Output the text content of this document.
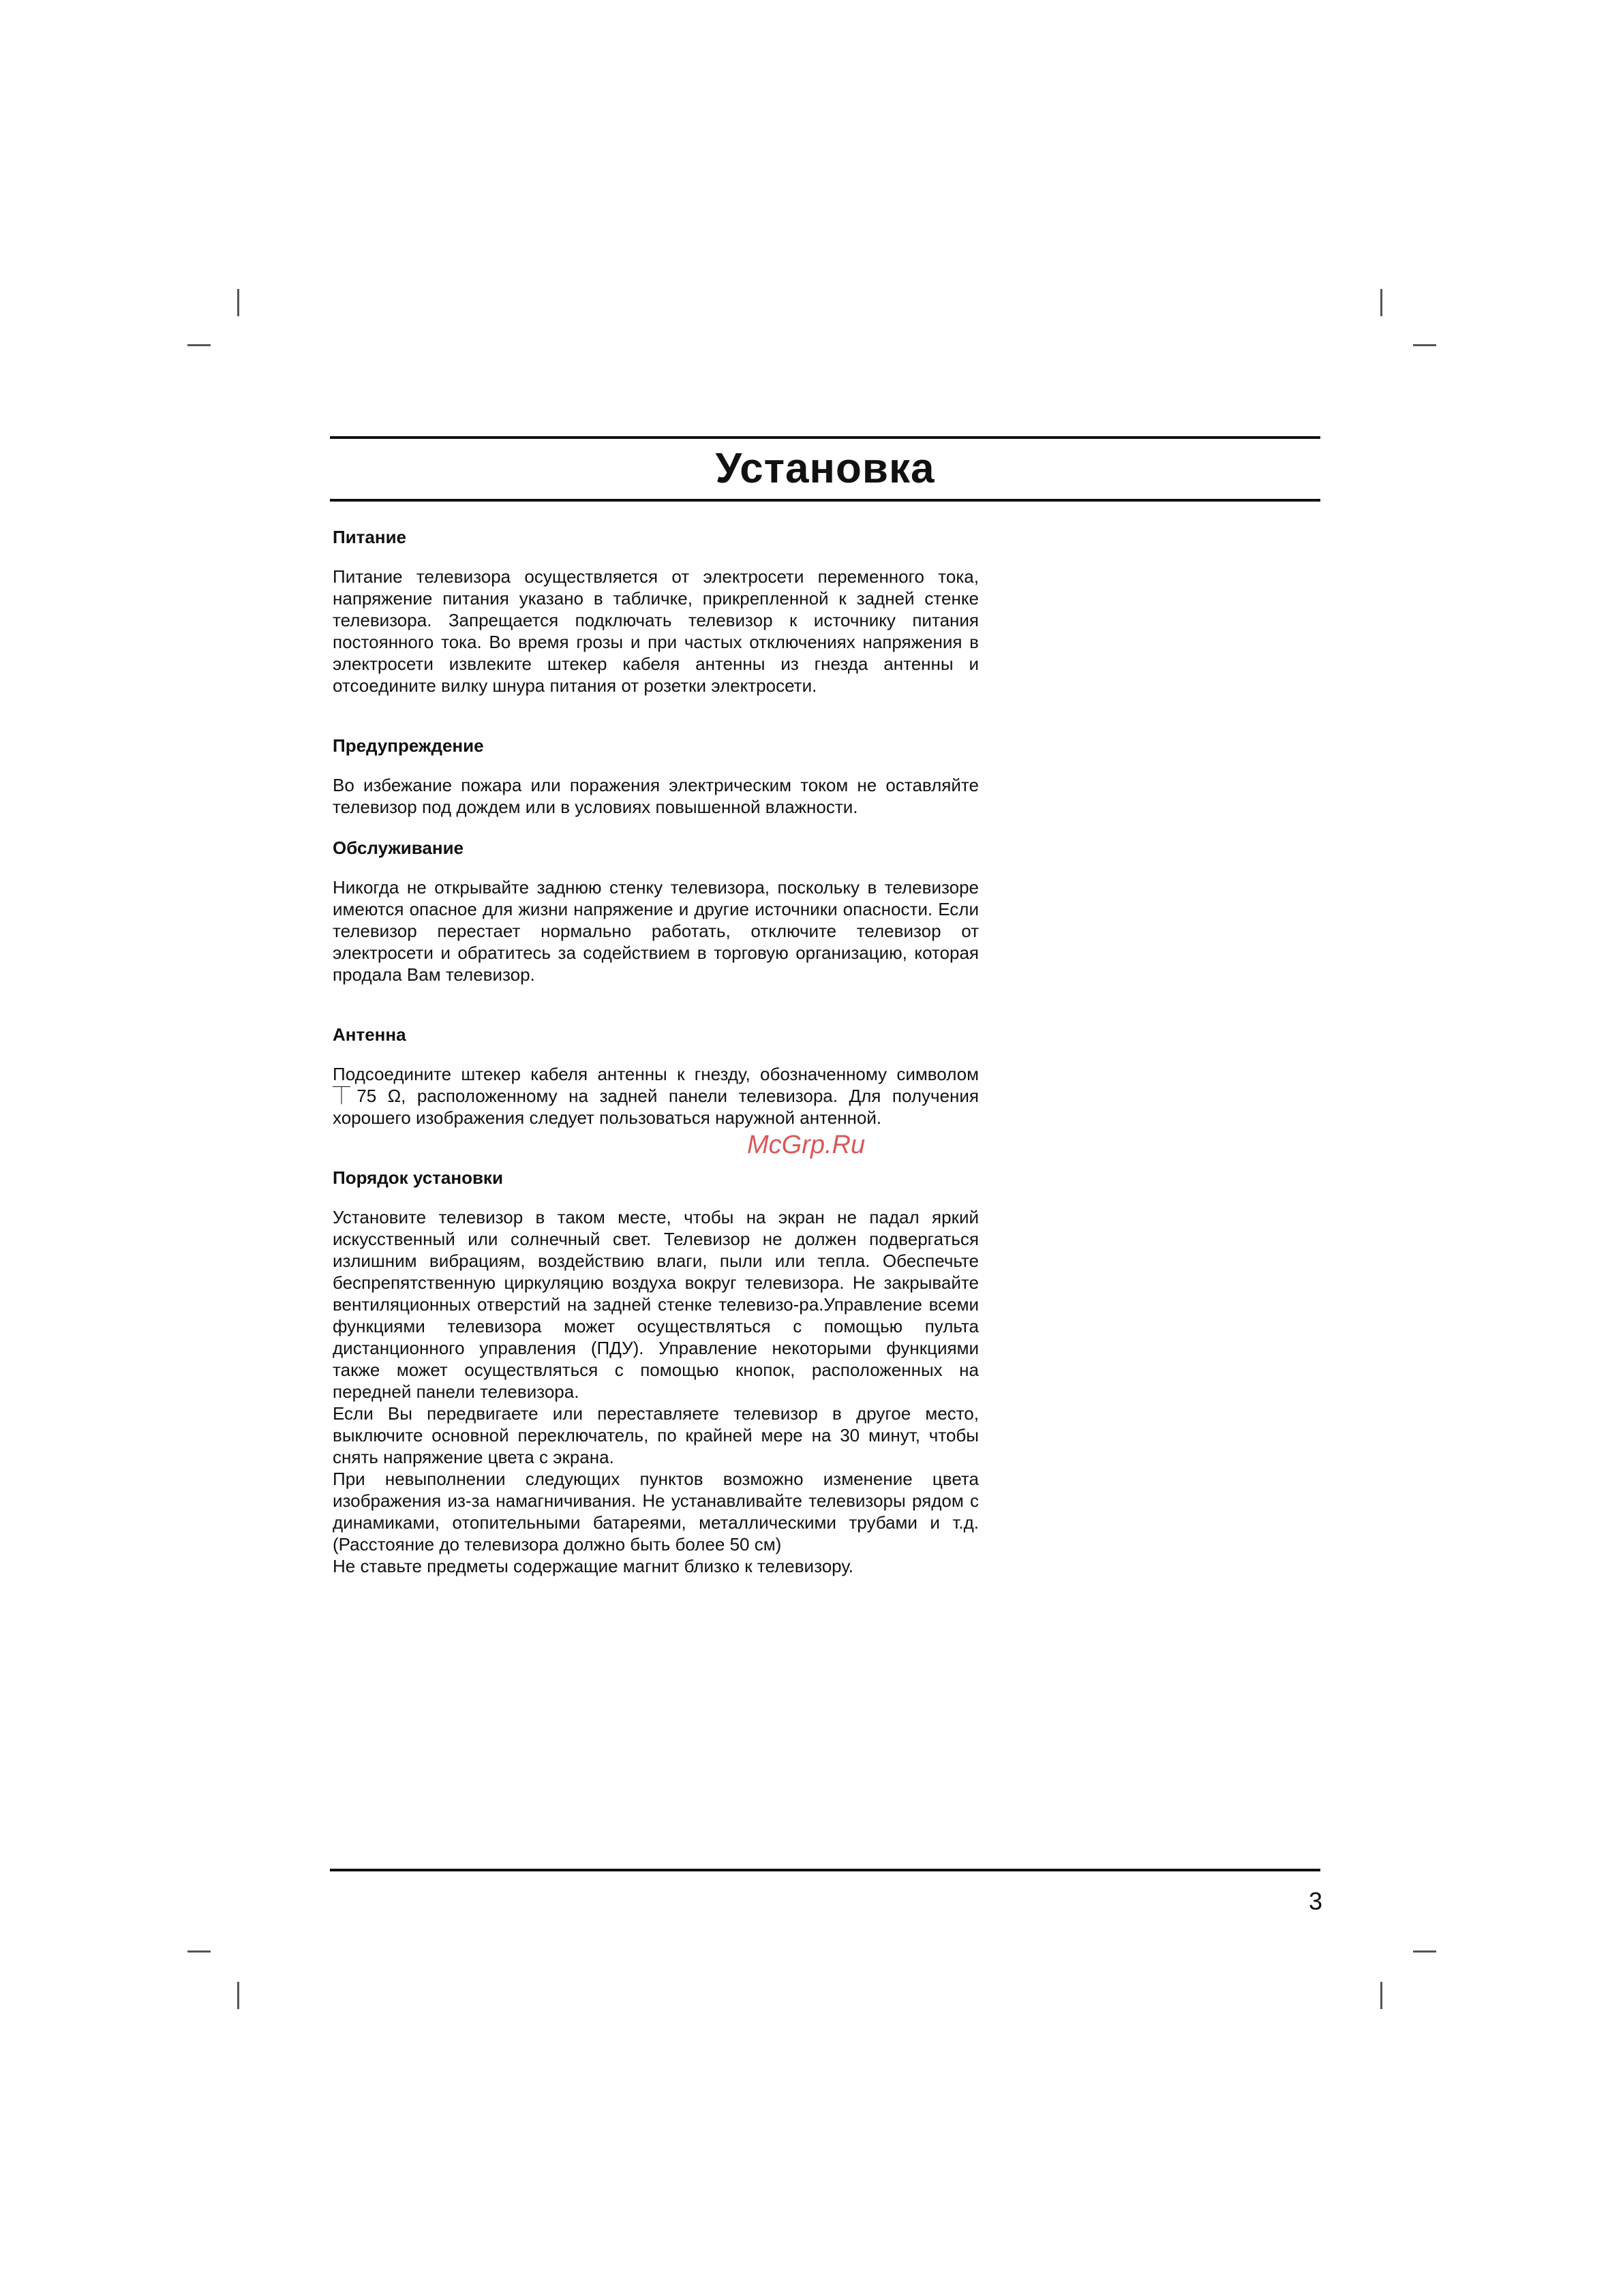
Установка
Питание

Питание телевизора осуществляется от электросети переменного тока, напряжение питания указано в табличке, прикрепленной к задней стенке телевизора. Запрещается подключать телевизор к источнику питания постоянного тока. Во время грозы и при частых отключениях напряжения в электросети извлеките штекер кабеля антенны из гнезда антенны и отсоедините вилку шнура питания от розетки электросети.

Предупреждение

Во избежание пожара или поражения электрическим током не оставляйте телевизор под дождем или в условиях повышенной влажности.

Обслуживание

Никогда не открывайте заднюю стенку телевизора, поскольку в телевизоре имеются опасное для жизни напряжение и другие источники опасности. Если телевизор перестает нормально работать, отключите телевизор от электросети и обратитесь за содействием в торговую организацию, которая продала Вам телевизор.

Антенна

Подсоедините штекер кабеля антенны к гнезду, обозначенному символом ⏉75 Ω, расположенному на задней панели телевизора. Для получения хорошего изображения следует пользоваться наружной антенной.

Порядок установки

Установите телевизор в таком месте, чтобы на экран не падал яркий искусственный или солнечный свет. Телевизор не должен подвергаться излишним вибрациям, воздействию влаги, пыли или тепла. Обеспечьте беспрепятственную циркуляцию воздуха вокруг телевизора. Не закрывайте вентиляционных отверстий на задней стенке телевизо-ра.Управление всеми функциями телевизора может осуществляться с помощью пульта дистанционного управления (ПДУ). Управление некоторыми функциями также может осуществляться с помощью кнопок, расположенных на передней панели телевизора.

Если Вы передвигаете или переставляете телевизор в другое место, выключите основной переключатель, по крайней мере на 30 минут, чтобы снять напряжение цвета с экрана.

При невыполнении следующих пунктов возможно изменение цвета изображения из-за намагничивания. Не устанавливайте телевизоры рядом с динамиками, отопительными батареями, металлическими трубами и т.д. (Расстояние до телевизора должно быть более 50 см)

Не ставьте предметы содержащие магнит близко к телевизору.

McGrp.Ru
3
